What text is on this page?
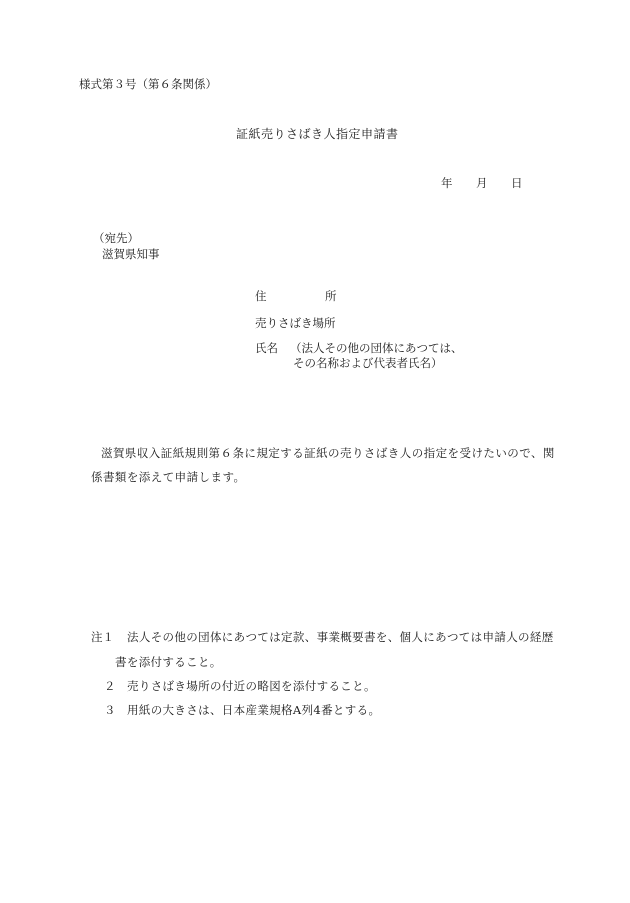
様式第３号（第６条関係）
証紙売りさばき人指定申請書
年 月 日
（宛先）
滋賀県知事
住	所
売りさばき場所
氏名 （法人その他の団体にあつては、
その名称および代表者氏名）
滋賀県収入証紙規則第６条に規定する証紙の売りさばき人の指定を受けたいので、関
係書類を添えて申請します。
注１ 法人その他の団体にあつては定款、事業概要書を、個人にあつては申請人の経歴
書を添付すること。
２ 売りさばき場所の付近の略図を添付すること。
３ 用紙の大きさは、日本産業規格A列4番とする。
